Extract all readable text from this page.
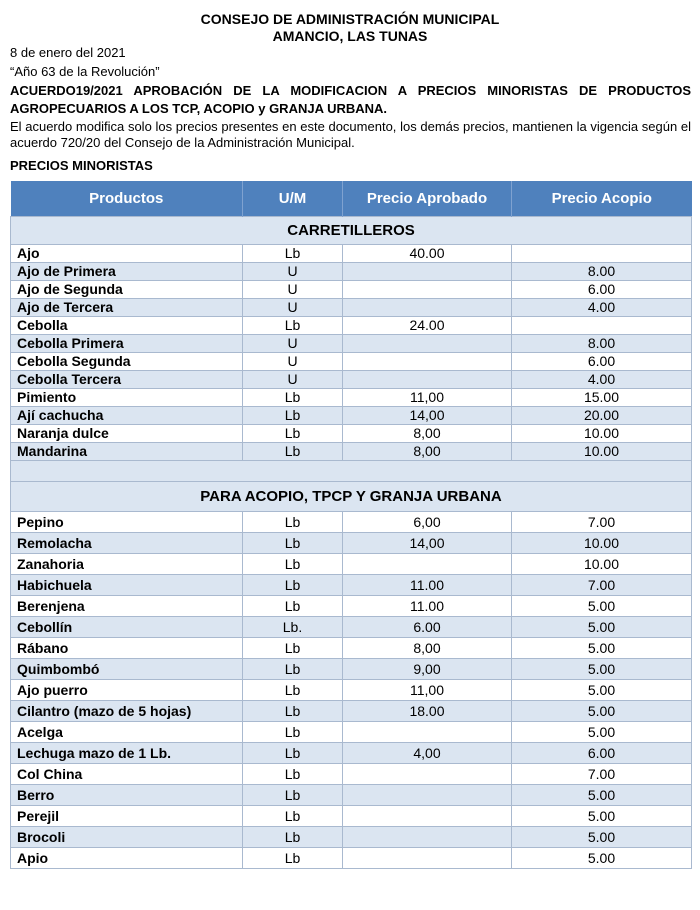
CONSEJO DE ADMINISTRACIÓN MUNICIPAL
AMANCIO, LAS TUNAS
8 de enero del 2021
“Año 63 de la Revolución”
ACUERDO19/2021 APROBACIÓN DE LA MODIFICACION A PRECIOS MINORISTAS DE PRODUCTOS AGROPECUARIOS A LOS TCP, ACOPIO y GRANJA URBANA.
El acuerdo modifica solo los precios presentes en este documento, los demás precios, mantienen la vigencia según el acuerdo 720/20 del Consejo de la Administración Municipal.
PRECIOS MINORISTAS
Productos	U/M	Precio Aprobado	Precio Acopio
CARRETILLEROS			
Ajo	Lb	40.00	
Ajo de Primera	U		8.00
Ajo de Segunda	U		6.00
Ajo de Tercera	U		4.00
Cebolla	Lb	24.00	
Cebolla Primera	U		8.00
Cebolla Segunda	U		6.00
Cebolla Tercera	U		4.00
Pimiento	Lb	11,00	15.00
Ají cachucha	Lb	14,00	20.00
Naranja dulce	Lb	8,00	10.00
Mandarina	Lb	8,00	10.00

PARA ACOPIO, TPCP Y GRANJA URBANA			
Pepino	Lb	6,00	7.00
Remolacha	Lb	14,00	10.00
Zanahoria	Lb		10.00
Habichuela	Lb	11.00	7.00
Berenjena	Lb	11.00	5.00
Cebollín	Lb.	6.00	5.00
Rábano	Lb	8,00	5.00
Quimbombó	Lb	9,00	5.00
Ajo puerro	Lb	11,00	5.00
Cilantro (mazo de 5 hojas)	Lb	18.00	5.00
Acelga	Lb		5.00
Lechuga mazo de 1 Lb.	Lb	4,00	6.00
Col China	Lb		7.00
Berro	Lb		5.00
Perejil	Lb		5.00
Brocoli	Lb		5.00
Apio	Lb		5.00
